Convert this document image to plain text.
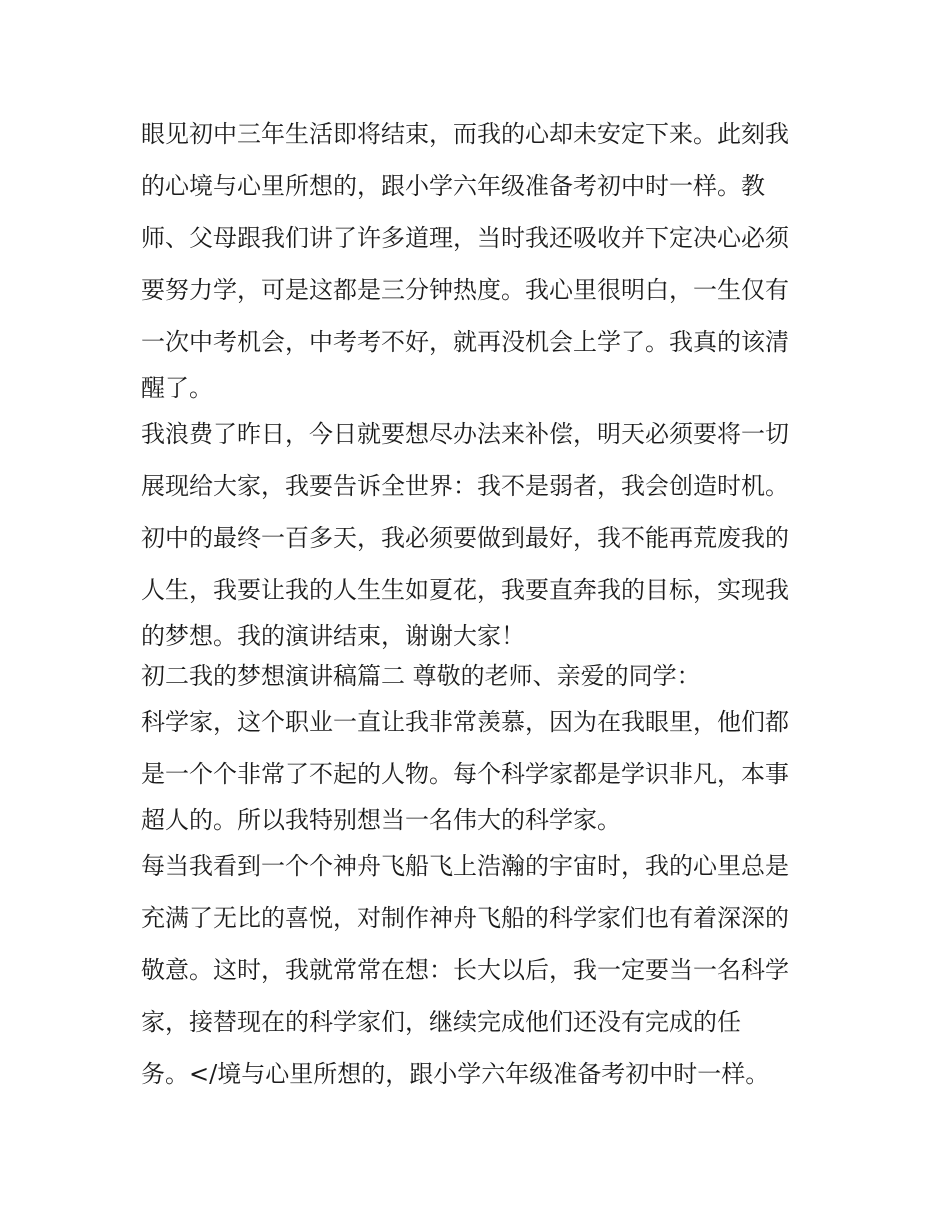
眼见初中三年生活即将结束，而我的心却未安定下来。此刻我
的心境与心里所想的，跟小学六年级准备考初中时一样。教
师、父母跟我们讲了许多道理，当时我还吸收并下定决心必须
要努力学，可是这都是三分钟热度。我心里很明白，一生仅有
一次中考机会，中考考不好，就再没机会上学了。我真的该清
醒了。
我浪费了昨日，今日就要想尽办法来补偿，明天必须要将一切
展现给大家，我要告诉全世界：我不是弱者，我会创造时机。
初中的最终一百多天，我必须要做到最好，我不能再荒废我的
人生，我要让我的人生生如夏花，我要直奔我的目标，实现我
的梦想。我的演讲结束，谢谢大家！
初二我的梦想演讲稿篇二 尊敬的老师、亲爱的同学：
科学家，这个职业一直让我非常羡慕，因为在我眼里，他们都
是一个个非常了不起的人物。每个科学家都是学识非凡，本事
超人的。所以我特别想当一名伟大的科学家。
每当我看到一个个神舟飞船飞上浩瀚的宇宙时，我的心里总是
充满了无比的喜悦，对制作神舟飞船的科学家们也有着深深的
敬意。这时，我就常常在想：长大以后，我一定要当一名科学
家，接替现在的科学家们，继续完成他们还没有完成的任
务。</境与心里所想的，跟小学六年级准备考初中时一样。
